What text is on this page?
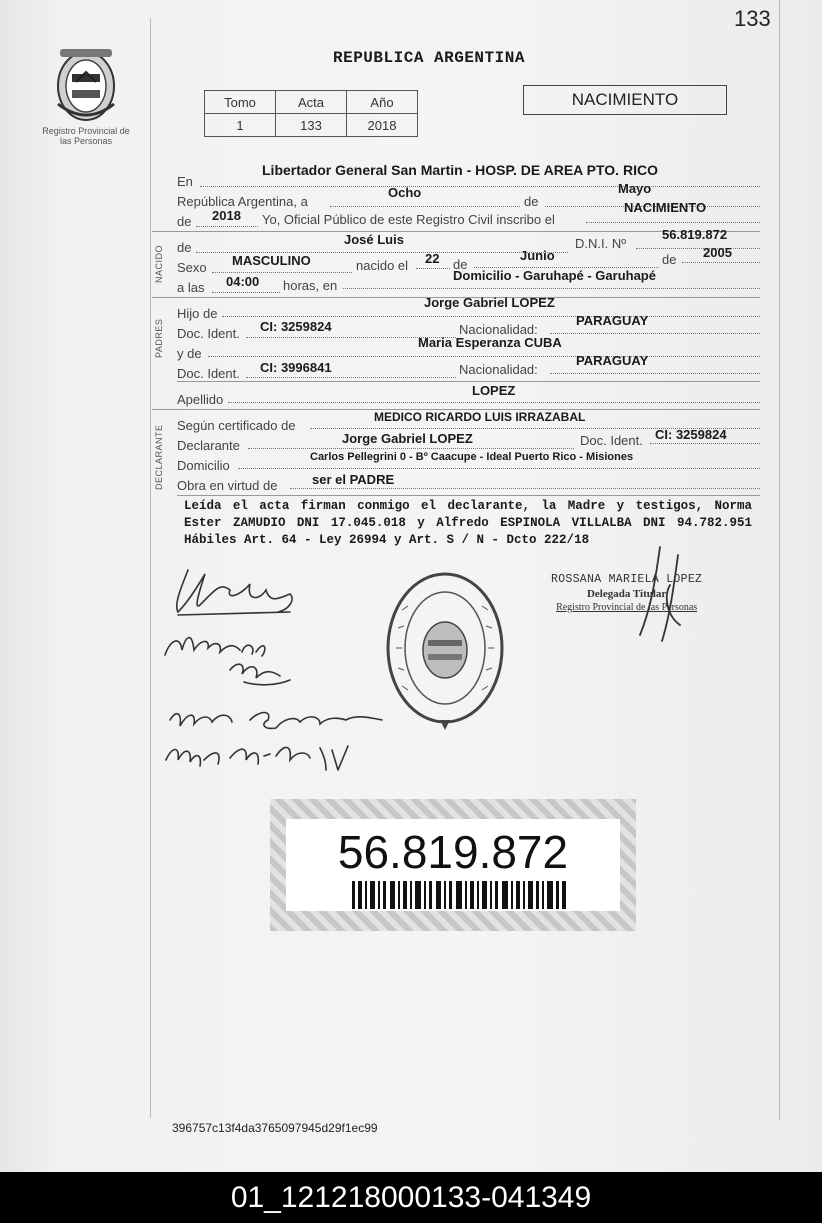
133
Registro Provincial de las Personas
REPUBLICA ARGENTINA
Tomo	Acta	Año
1	133	2018
NACIMIENTO
En
Libertador General San Martin - HOSP. DE AREA PTO. RICO
República Argentina, a
Ocho
de
Mayo
de 2018 Yo, Oficial Público de este Registro Civil inscribo el
NACIMIENTO
NACIDO de
José Luis	D.N.I. Nº
56.819.872
Sexo MASCULINO	nacido el 22 de
Junio	de 2005
a las 04:00 horas, en
Domicilio - Garuhapé - Garuhapé
PADRES
Hijo de
Jorge Gabriel LOPEZ
Doc. Ident. CI: 3259824	Nacionalidad:
PARAGUAY
y de
Maria Esperanza CUBA
Doc. Ident. CI: 3996841	Nacionalidad:
PARAGUAY
Apellido
LOPEZ
DECLARANTE Según certificado de
MEDICO RICARDO LUIS IRRAZABAL
Declarante	Jorge Gabriel LOPEZ	Doc. Ident. CI: 3259824
Domicilio
Carlos Pellegrini 0 - Bº Caacupe - Ideal Puerto Rico - Misiones
Obra en virtud de	ser el PADRE
Leída el acta firman conmigo el declarante, la Madre y testigos, Norma Ester ZAMUDIO DNI 17.045.018 y Alfredo ESPINOLA VILLALBA DNI 94.782.951 Hábiles Art. 64 - Ley 26994 y Art. S / N - Dcto 222/18
ROSSANA MARIELA LOPEZ
Delegada Titular
Registro Provincial de las Personas
56.819.872
396757c13f4da3765097945d29f1ec99
01_121218000133-041349
